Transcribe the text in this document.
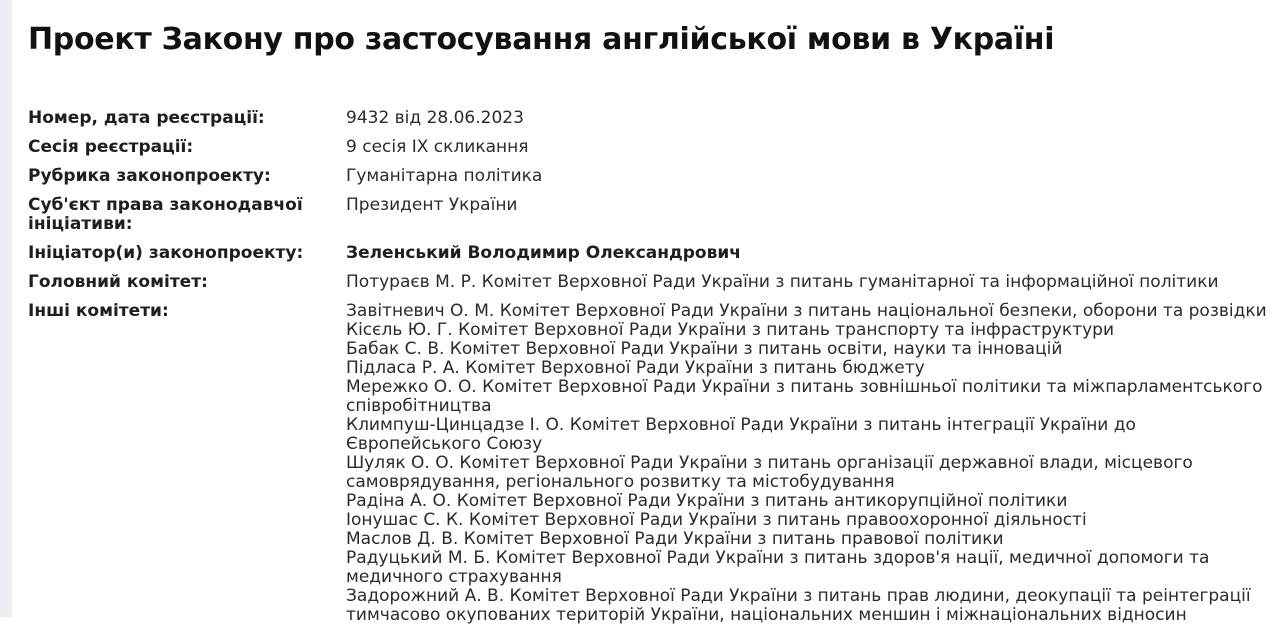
Проект Закону про застосування англійської мови в Україні
Номер, дата реєстрації:	9432 від 28.06.2023
Сесія реєстрації:	9 сесія IX скликання
Рубрика законопроекту:	Гуманітарна політика
Суб'єкт права законодавчої ініціативи:
Президент України
Ініціатор(и) законопроекту:	Зеленський Володимир Олександрович
Головний комітет:	Потураєв М. Р. Комітет Верховної Ради України з питань гуманітарної та інформаційної політики
Інші комітети:	Завітневич О. М. Комітет Верховної Ради України з питань національної безпеки, оборони та розвідки
Кісєль Ю. Г. Комітет Верховної Ради України з питань транспорту та інфраструктури
Бабак С. В. Комітет Верховної Ради України з питань освіти, науки та інновацій
Підласа Р. А. Комітет Верховної Ради України з питань бюджету
Мережко О. О. Комітет Верховної Ради України з питань зовнішньої політики та міжпарламентського співробітництва
Климпуш-Цинцадзе І. О. Комітет Верховної Ради України з питань інтеграції України до Європейського Союзу
Шуляк О. О. Комітет Верховної Ради України з питань організації державної влади, місцевого самоврядування, регіонального розвитку та містобудування
Радіна А. О. Комітет Верховної Ради України з питань антикорупційної політики
Іонушас С. К. Комітет Верховної Ради України з питань правоохоронної діяльності
Маслов Д. В. Комітет Верховної Ради України з питань правової політики
Радуцький М. Б. Комітет Верховної Ради України з питань здоров'я нації, медичної допомоги та медичного страхування
Задорожний А. В. Комітет Верховної Ради України з питань прав людини, деокупації та реінтеграції тимчасово окупованих територій України, національних меншин і міжнаціональних відносин
